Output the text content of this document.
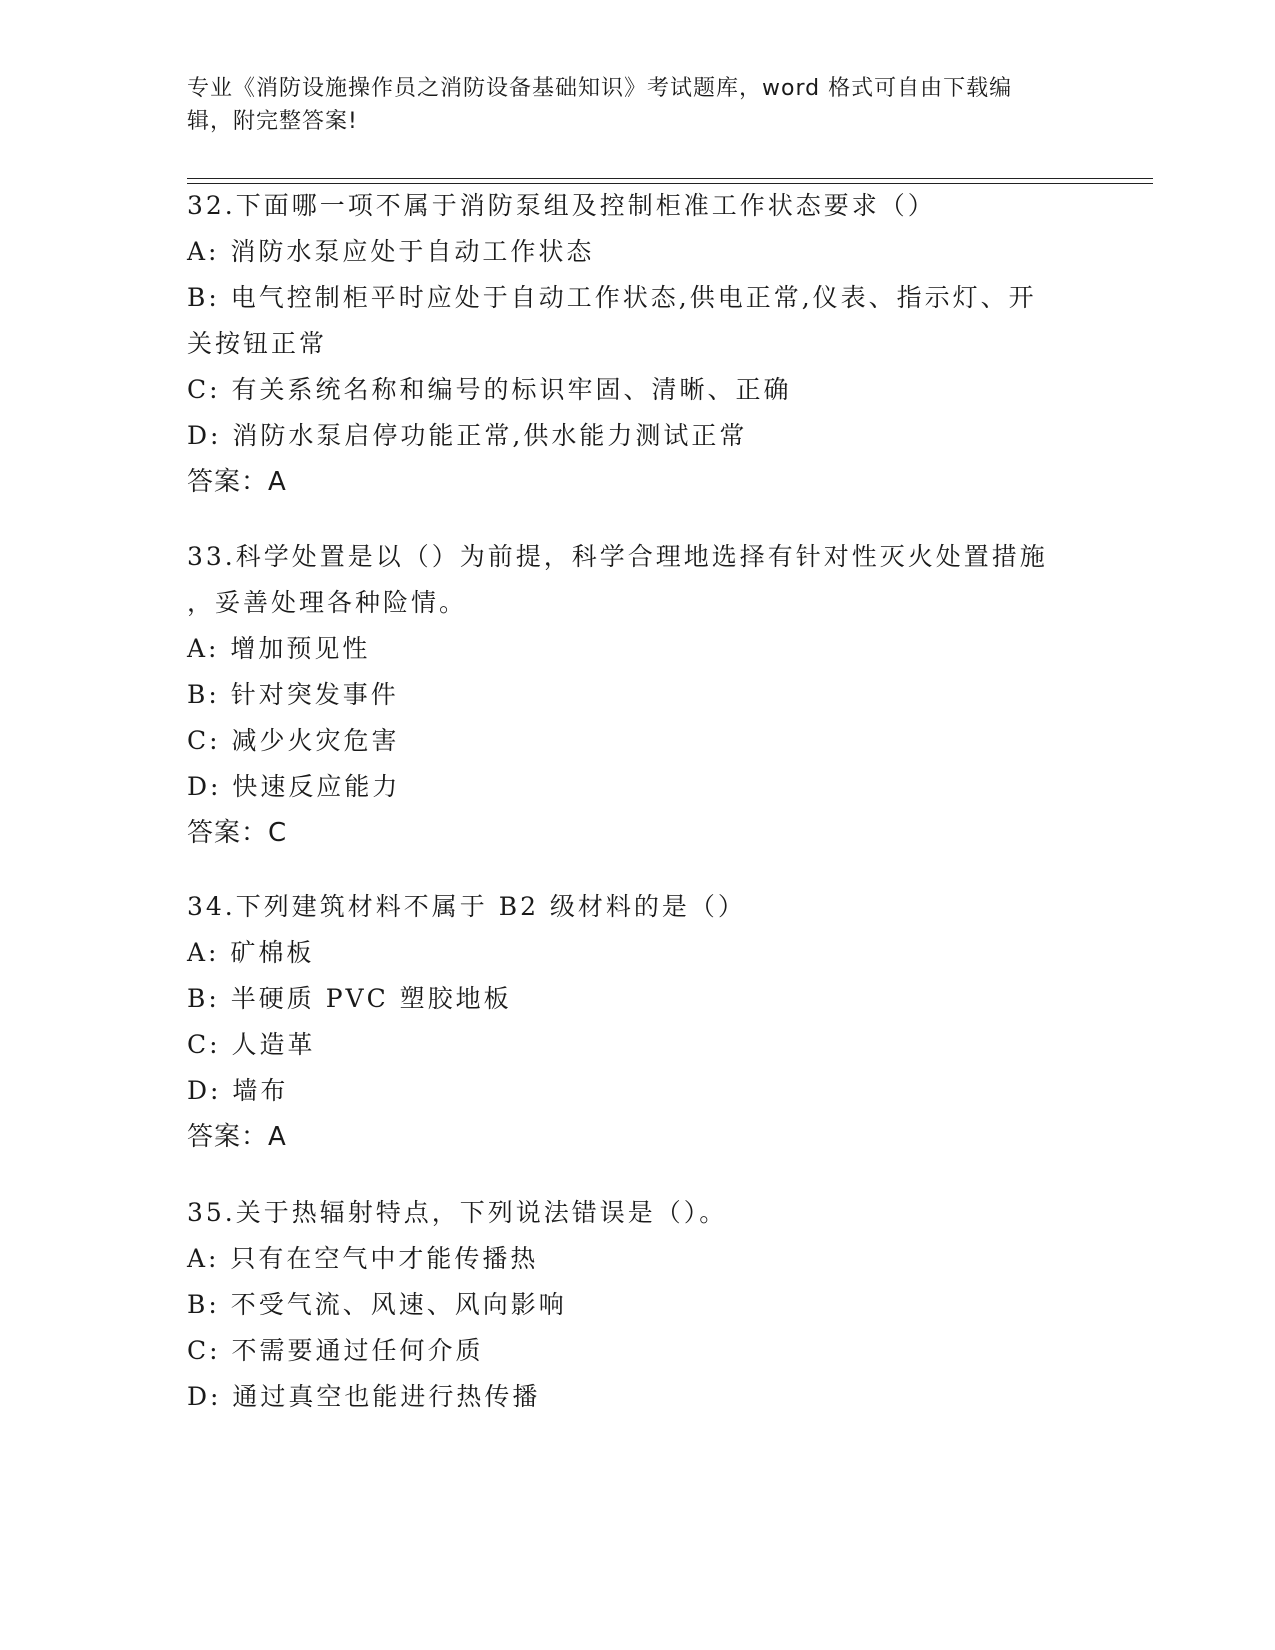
专业《消防设施操作员之消防设备基础知识》考试题库，word 格式可自由下载编
辑，附完整答案!

32.下面哪一项不属于消防泵组及控制柜准工作状态要求（）

A: 消防水泵应处于自动工作状态

B: 电气控制柜平时应处于自动工作状态,供电正常,仪表、指示灯、开

关按钮正常

C: 有关系统名称和编号的标识牢固、清晰、正确

D: 消防水泵启停功能正常,供水能力测试正常

答案：A

33.科学处置是以（）为前提，科学合理地选择有针对性灭火处置措施

，妥善处理各种险情。

A: 增加预见性

B: 针对突发事件

C: 减少火灾危害

D: 快速反应能力

答案：C

34.下列建筑材料不属于 B2 级材料的是（）

A: 矿棉板

B: 半硬质 PVC 塑胶地板

C: 人造革

D: 墙布

答案：A

35.关于热辐射特点，下列说法错误是（）。

A: 只有在空气中才能传播热

B: 不受气流、风速、风向影响

C: 不需要通过任何介质

D: 通过真空也能进行热传播
